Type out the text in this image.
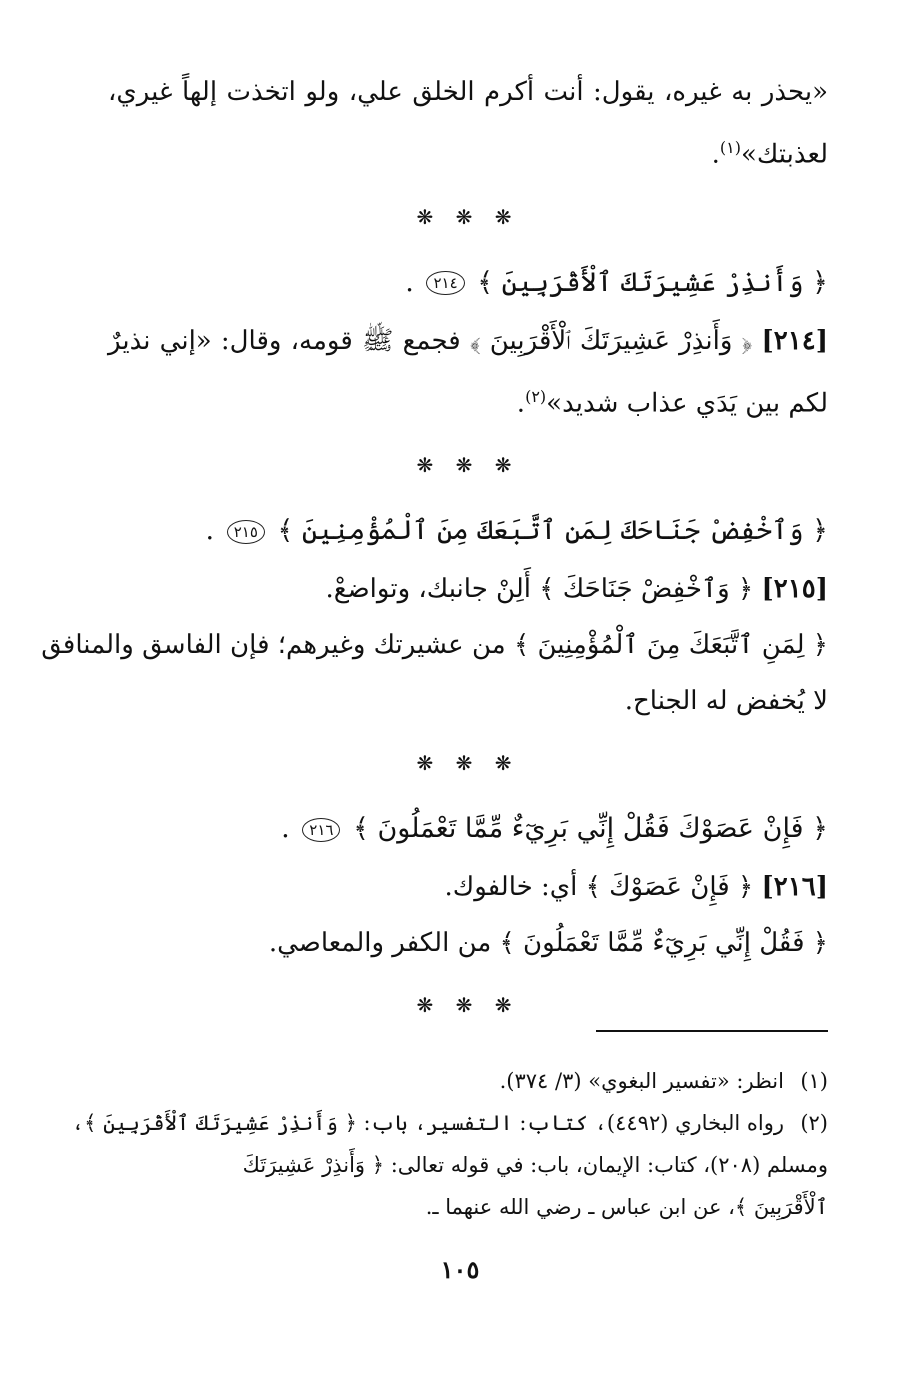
«يحذر به غيره، يقول: أنت أكرم الخلق علي، ولو اتخذت إلهاً غيري،
لعذبتك»$^{(١)}$.
❋ ❋ ❋
﴿ وَأَنذِرْ عَشِيرَتَكَ ٱلْأَقْرَبِينَ ﴾ ٢١٤ .
[٢١٤] ﴿ وَأَنذِرْ عَشِيرَتَكَ ٱلْأَقْرَبِينَ ﴾ فجمع ﷺ قومه، وقال: «إني نذيرٌ
لكم بين يَدَي عذاب شديد»$^{(٢)}$.
❋ ❋ ❋
﴿ وَٱخْفِضْ جَنَاحَكَ لِمَنِ ٱتَّبَعَكَ مِنَ ٱلْمُؤْمِنِينَ ﴾ ٢١٥ .
[٢١٥] ﴿ وَٱخْفِضْ جَنَاحَكَ ﴾ أَلِنْ جانبك، وتواضعْ.
﴿ لِمَنِ ٱتَّبَعَكَ مِنَ ٱلْمُؤْمِنِينَ ﴾ من عشيرتك وغيرهم؛ فإن الفاسق والمنافق
لا يُخفض له الجناح.
❋ ❋ ❋
﴿ فَإِنْ عَصَوْكَ فَقُلْ إِنِّي بَرِيٓءٌ مِّمَّا تَعْمَلُونَ ﴾ ٢١٦ .
[٢١٦] ﴿ فَإِنْ عَصَوْكَ ﴾ أي: خالفوك.
﴿ فَقُلْ إِنِّي بَرِيٓءٌ مِّمَّا تَعْمَلُونَ ﴾ من الكفر والمعاصي.
❋ ❋ ❋
(١)انظر: «تفسير البغوي» (٣/ ٣٧٤).
(٢)رواه البخاري (٤٤٩٢)، كتاب: التفسير، باب: ﴿ وَأَنذِرْ عَشِيرَتَكَ ٱلْأَقْرَبِينَ ﴾،
ومسلم (٢٠٨)، كتاب: الإيمان، باب: في قوله تعالى: ﴿ وَأَنذِرْ عَشِيرَتَكَ
ٱلْأَقْرَبِينَ ﴾، عن ابن عباس ـ رضي الله عنهما ـ.
١٠٥
